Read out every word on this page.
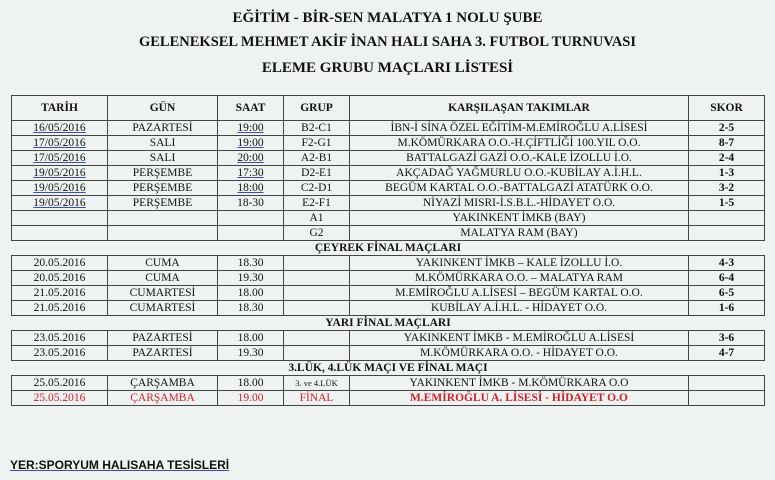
EĞİTİM - BİR-SEN MALATYA 1 NOLU ŞUBE
GELENEKSEL MEHMET AKİF İNAN HALI SAHA 3. FUTBOL TURNUVASI
ELEME GRUBU MAÇLARI LİSTESİ
TARİH	GÜN	SAAT	GRUP	KARŞILAŞAN TAKIMLAR	SKOR
16/05/2016	PAZARTESİ	19:00	B2-C1	İBN-İ SİNA ÖZEL EĞİTİM-M.EMİROĞLU A.LİSESİ	2-5
17/05/2016	SALI	19:00	F2-G1	M.KÖMÜRKARA O.O.-H.ÇİFTLİĞİ 100.YIL O.O.	8-7
17/05/2016	SALI	20:00	A2-B1	BATTALGAZİ GAZİ O.O.-KALE İZOLLU İ.O.	2-4
19/05/2016	PERŞEMBE	17:30	D2-E1	AKÇADAĞ YAĞMURLU O.O.-KUBİLAY A.İ.H.L.	1-3
19/05/2016	PERŞEMBE	18:00	C2-D1	BEGÜM KARTAL O.O.-BATTALGAZİ ATATÜRK O.O.	3-2
19/05/2016	PERŞEMBE	18-30	E2-F1	NİYAZİ MISRI-İ.S.B.L.-HİDAYET O.O.	1-5
			A1	YAKINKENT İMKB (BAY)	
			G2	MALATYA RAM (BAY)	
ÇEYREK FİNAL MAÇLARI					
20.05.2016	CUMA	18.30		YAKINKENT İMKB – KALE İZOLLU İ.O.	4-3
20.05.2016	CUMA	19.30		M.KÖMÜRKARA O.O. – MALATYA RAM	6-4
21.05.2016	CUMARTESİ	18.00		M.EMİROĞLU A.LİSESİ – BEGÜM KARTAL O.O.	6-5
21.05.2016	CUMARTESİ	18.30		KUBİLAY A.İ.H.L. - HİDAYET O.O.	1-6
YARI FİNAL MAÇLARI					
23.05.2016	PAZARTESİ	18.00		YAKINKENT İMKB - M.EMİROĞLU A.LİSESİ	3-6
23.05.2016	PAZARTESİ	19.30		M.KÖMÜRKARA O.O. - HİDAYET O.O.	4-7
3.LÜK, 4.LÜK MAÇI VE FİNAL MAÇI					
25.05.2016	ÇARŞAMBA	18.00	3. ve 4.LÜK	YAKINKENT İMKB - M.KÖMÜRKARA O.O	
25.05.2016	ÇARŞAMBA	19.00	FİNAL	M.EMİROĞLU A. LİSESİ - HİDAYET O.O	
YER:SPORYUM HALISAHA TESİSLERİ
